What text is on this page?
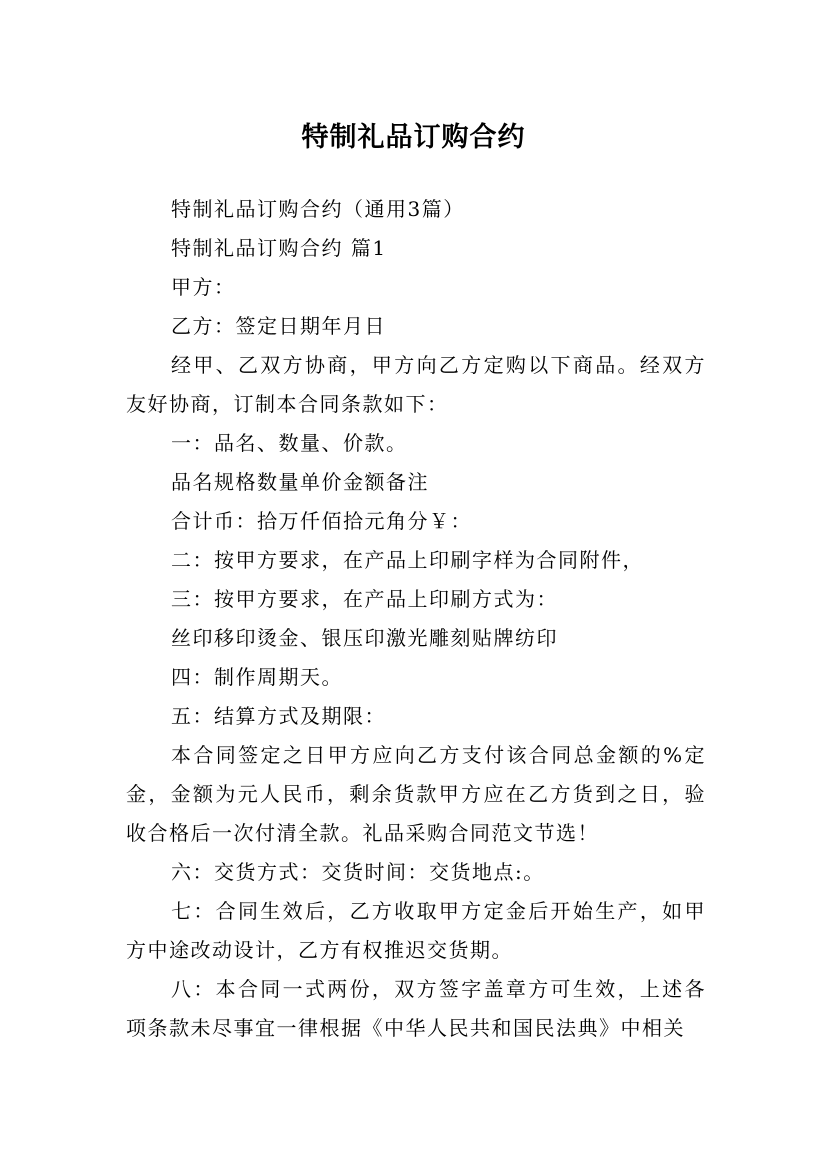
特制礼品订购合约

特制礼品订购合约（通用3篇）

特制礼品订购合约 篇1

甲方：

乙方：签定日期年月日

经甲、乙双方协商，甲方向乙方定购以下商品。经双方友好协商，订制本合同条款如下：

一：品名、数量、价款。

品名规格数量单价金额备注

合计币：拾万仟佰拾元角分￥：

二：按甲方要求，在产品上印刷字样为合同附件，

三：按甲方要求，在产品上印刷方式为：

丝印移印烫金、银压印激光雕刻贴牌纺印

四：制作周期天。

五：结算方式及期限：

本合同签定之日甲方应向乙方支付该合同总金额的%定金，金额为元人民币，剩余货款甲方应在乙方货到之日，验收合格后一次付清全款。礼品采购合同范文节选！

六：交货方式：交货时间：交货地点:。

七：合同生效后，乙方收取甲方定金后开始生产，如甲方中途改动设计，乙方有权推迟交货期。

八：本合同一式两份，双方签字盖章方可生效，上述各项条款未尽事宜一律根据《中华人民共和国民法典》中相关
